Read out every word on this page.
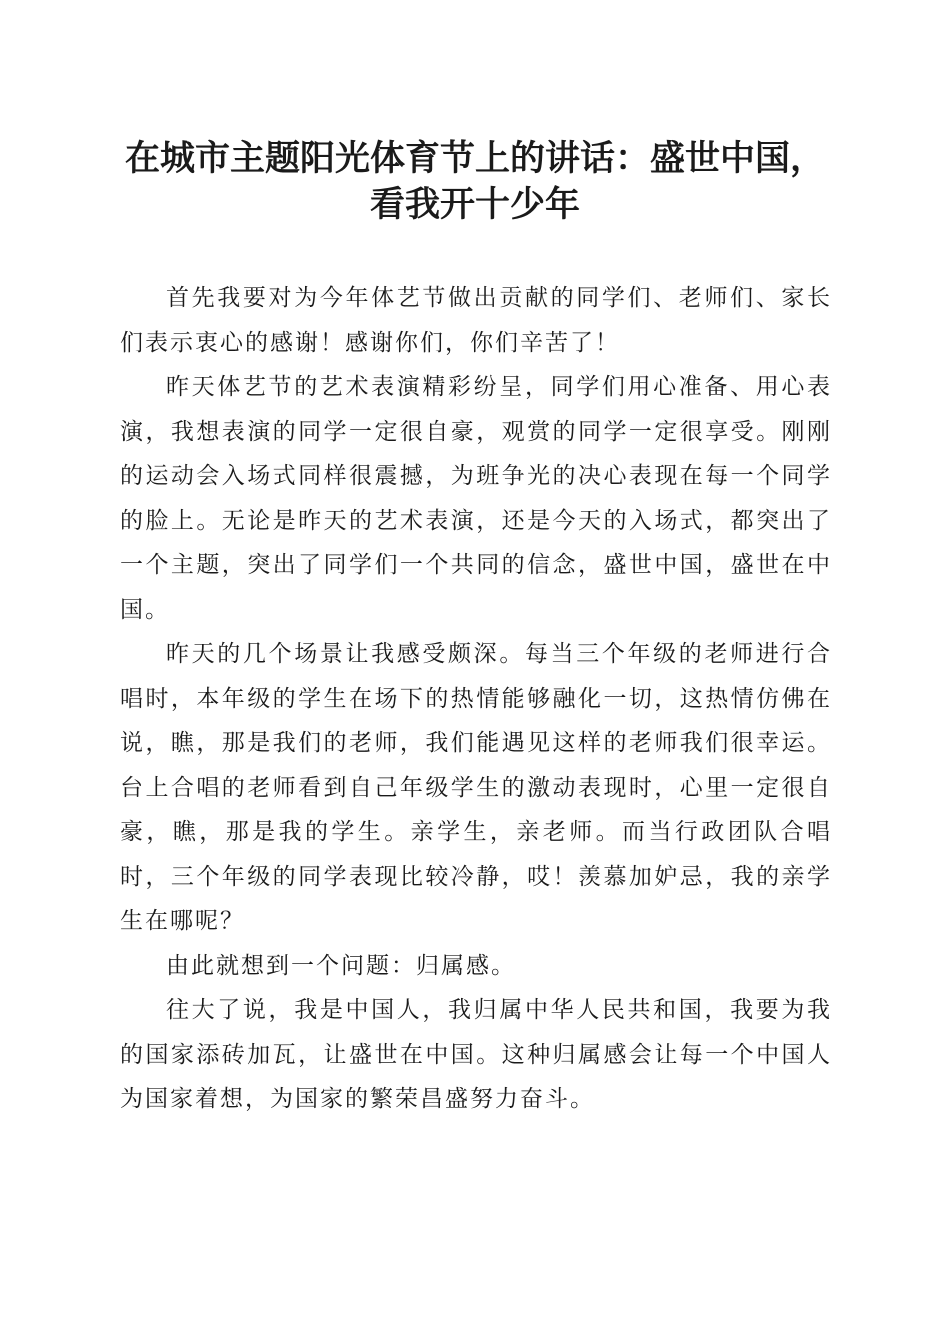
在城市主题阳光体育节上的讲话：盛世中国，
看我开十少年

首先我要对为今年体艺节做出贡献的同学们、老师们、家长们表示衷心的感谢！感谢你们，你们辛苦了！

昨天体艺节的艺术表演精彩纷呈，同学们用心准备、用心表演，我想表演的同学一定很自豪，观赏的同学一定很享受。刚刚的运动会入场式同样很震撼，为班争光的决心表现在每一个同学的脸上。无论是昨天的艺术表演，还是今天的入场式，都突出了一个主题，突出了同学们一个共同的信念，盛世中国，盛世在中国。

昨天的几个场景让我感受颇深。每当三个年级的老师进行合唱时，本年级的学生在场下的热情能够融化一切，这热情仿佛在说，瞧，那是我们的老师，我们能遇见这样的老师我们很幸运。台上合唱的老师看到自己年级学生的激动表现时，心里一定很自豪，瞧，那是我的学生。亲学生，亲老师。而当行政团队合唱时，三个年级的同学表现比较冷静，哎！羡慕加妒忌，我的亲学生在哪呢？

由此就想到一个问题：归属感。

往大了说，我是中国人，我归属中华人民共和国，我要为我的国家添砖加瓦，让盛世在中国。这种归属感会让每一个中国人为国家着想，为国家的繁荣昌盛努力奋斗。
